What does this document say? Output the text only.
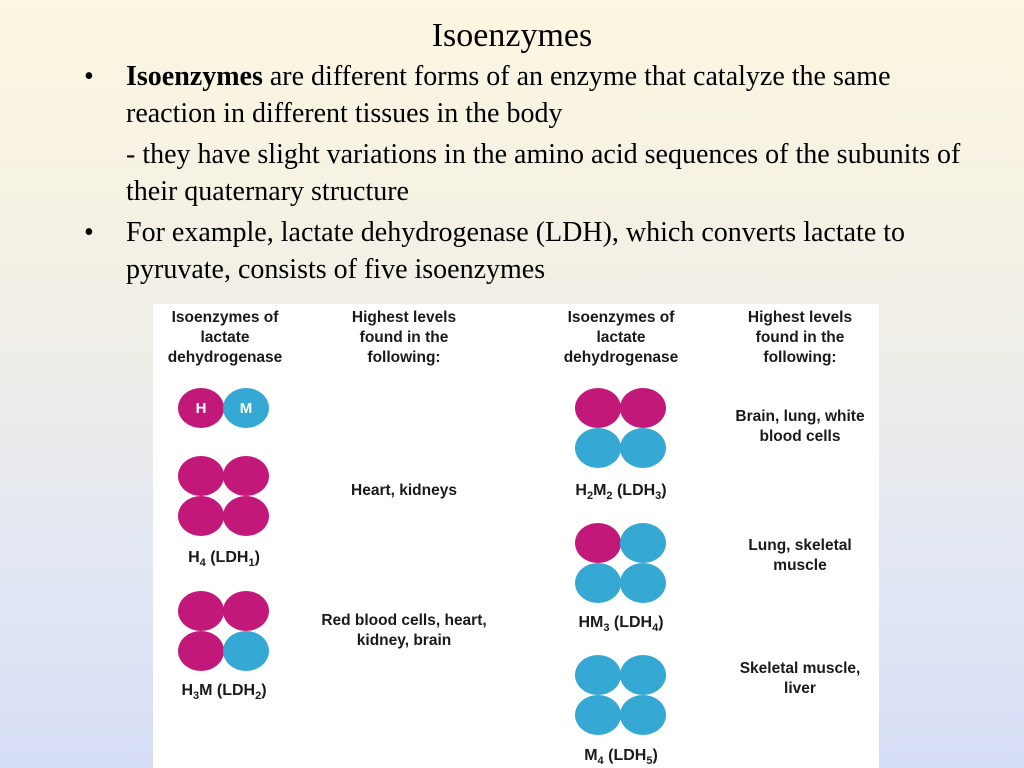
Isoenzymes
• Isoenzymes are different forms of an enzyme that catalyze the same reaction in different tissues in the body
- they have slight variations in the amino acid sequences of the subunits of their quaternary structure
• For example, lactate dehydrogenase (LDH), which converts lactate to pyruvate, consists of five isoenzymes
Isoenzymes of lactate dehydrogenase
Highest levels found in the following:
Isoenzymes of lactate dehydrogenase
Highest levels found in the following:
H	M
$H_4$ $(LDH_1)$
Heart, kidneys
$H_3M$ $(LDH_2)$
Red blood cells, heart, kidney, brain
$H_2M_2$ $(LDH_3)$
Brain, lung, white blood cells
$HM_3$ $(LDH_4)$
Lung, skeletal muscle
$M_4$ $(LDH_5)$
Skeletal muscle, liver
